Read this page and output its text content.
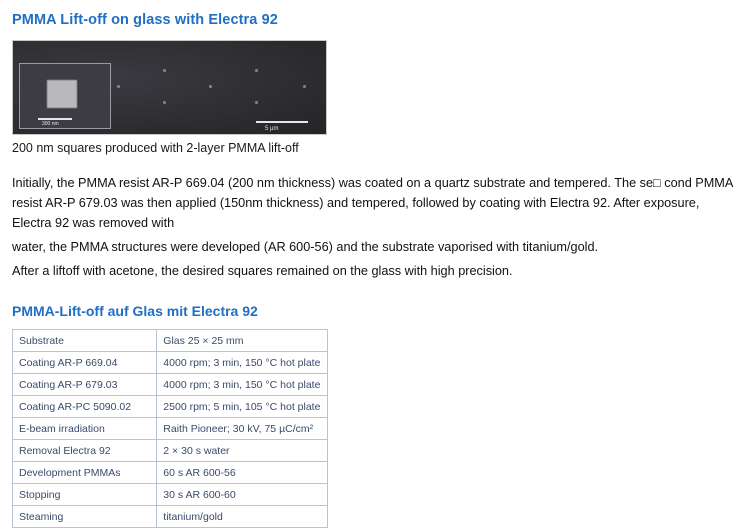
PMMA Lift-off on glass with Electra 92
300 nm
5 µm
200 nm squares produced with 2-layer PMMA lift-off

Initially, the PMMA resist AR-P 669.04 (200 nm thickness) was coated on a quartz substrate and tempered. The se□ cond PMMA resist AR-P 679.03 was then applied (150nm thickness) and tempered, followed by coating with Electra 92. After exposure, Electra 92 was removed with

water, the PMMA structures were developed (AR 600-56) and the substrate vaporised with titanium/gold.

After a liftoff with acetone, the desired squares remained on the glass with high precision.

PMMA-Lift-off auf Glas mit Electra 92
Substrate	Glas 25 × 25 mm
Coating AR-P 669.04	4000 rpm; 3 min, 150 °C hot plate
Coating AR-P 679.03	4000 rpm; 3 min, 150 °C hot plate
Coating AR-PC 5090.02	2500 rpm; 5 min, 105 °C hot plate
E-beam irradiation	Raith Pioneer; 30 kV, 75 µC/cm²
Removal Electra 92	2 × 30 s water
Development PMMAs	60 s AR 600-56
Stopping	30 s AR 600-60
Steaming	titanium/gold
